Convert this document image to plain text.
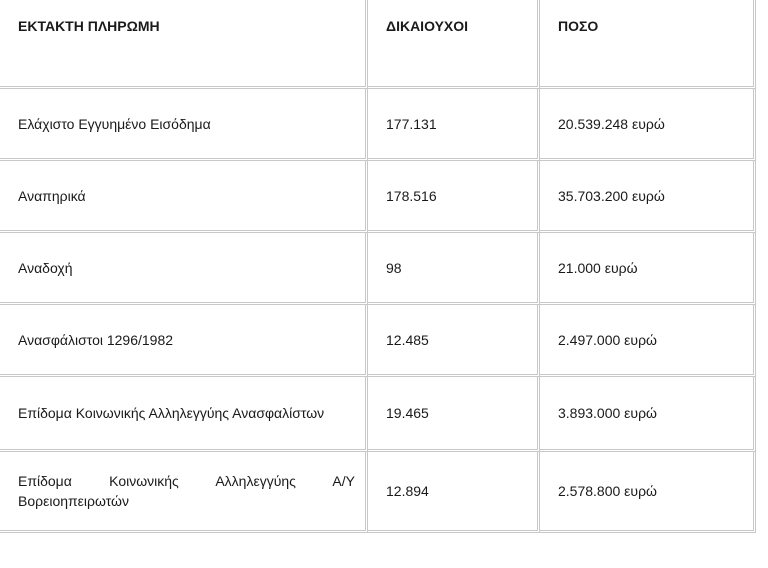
ΕΚΤΑΚΤΗ ΠΛΗΡΩΜΗ	ΔΙΚΑΙΟΥΧΟΙ	ΠΟΣΟ
Ελάχιστο Εγγυημένο Εισόδημα	177.131	20.539.248 ευρώ
Αναπηρικά	178.516	35.703.200 ευρώ
Αναδοχή	98	21.000 ευρώ
Ανασφάλιστοι 1296/1982	12.485	2.497.000 ευρώ
Επίδομα Κοινωνικής Αλληλεγγύης Ανασφαλίστων	19.465	3.893.000 ευρώ
Επίδομα Κοινωνικής Αλληλεγγύης Α/Υ Βορειοηπειρωτών	12.894	2.578.800 ευρώ
